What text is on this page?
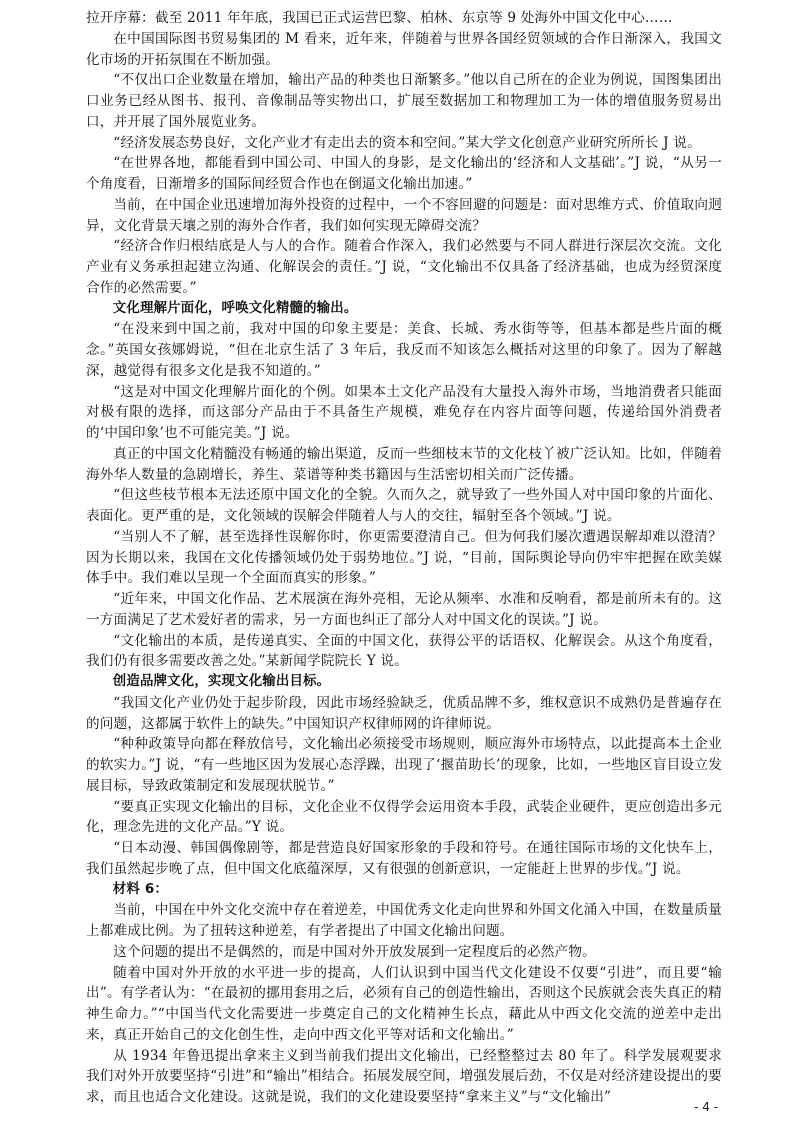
拉开序幕：截至 2011 年年底，我国已正式运营巴黎、柏林、东京等 9 处海外中国文化中心……

在中国国际图书贸易集团的 M 看来，近年来，伴随着与世界各国经贸领域的合作日渐深入，我国文化市场的开拓氛围在不断加强。

“不仅出口企业数量在增加，输出产品的种类也日渐繁多。”他以自己所在的企业为例说，国图集团出口业务已经从图书、报刊、音像制品等实物出口，扩展至数据加工和物理加工为一体的增值服务贸易出口，并开展了国外展览业务。

“经济发展态势良好，文化产业才有走出去的资本和空间。”某大学文化创意产业研究所所长 J 说。

“在世界各地，都能看到中国公司、中国人的身影，是文化输出的‘经济和人文基础’。”J 说，“从另一个角度看，日渐增多的国际间经贸合作也在倒逼文化输出加速。”

当前，在中国企业迅速增加海外投资的过程中，一个不容回避的问题是：面对思维方式、价值取向迥异，文化背景天壤之别的海外合作者，我们如何实现无障碍交流？

“经济合作归根结底是人与人的合作。随着合作深入，我们必然要与不同人群进行深层次交流。文化产业有义务承担起建立沟通、化解误会的责任。”J 说，“文化输出不仅具备了经济基础，也成为经贸深度合作的必然需要。”

文化理解片面化，呼唤文化精髓的输出。

“在没来到中国之前，我对中国的印象主要是：美食、长城、秀水街等等，但基本都是些片面的概念。”英国女孩娜姆说，“但在北京生活了 3 年后，我反而不知该怎么概括对这里的印象了。因为了解越深，越觉得有很多文化是我不知道的。”

“这是对中国文化理解片面化的个例。如果本土文化产品没有大量投入海外市场，当地消费者只能面对极有限的选择，而这部分产品由于不具备生产规模，难免存在内容片面等问题，传递给国外消费者的‘中国印象’也不可能完美。”J 说。

真正的中国文化精髓没有畅通的输出渠道，反而一些细枝末节的文化枝丫被广泛认知。比如，伴随着海外华人数量的急剧增长，养生、菜谱等种类书籍因与生活密切相关而广泛传播。

“但这些枝节根本无法还原中国文化的全貌。久而久之，就导致了一些外国人对中国印象的片面化、表面化。更严重的是，文化领域的误解会伴随着人与人的交往，辐射至各个领域。”J 说。

“当别人不了解，甚至选择性误解你时，你更需要澄清自己。但为何我们屡次遭遇误解却难以澄清？因为长期以来，我国在文化传播领域仍处于弱势地位。”J 说，“目前，国际舆论导向仍牢牢把握在欧美媒体手中。我们难以呈现一个全面而真实的形象。”

“近年来，中国文化作品、艺术展演在海外亮相，无论从频率、水准和反响看，都是前所未有的。这一方面满足了艺术爱好者的需求，另一方面也纠正了部分人对中国文化的误读。”J 说。

“文化输出的本质，是传递真实、全面的中国文化，获得公平的话语权、化解误会。从这个角度看，我们仍有很多需要改善之处。”某新闻学院院长 Y 说。

创造品牌文化，实现文化输出目标。

“我国文化产业仍处于起步阶段，因此市场经验缺乏，优质品牌不多，维权意识不成熟仍是普遍存在的问题，这都属于软件上的缺失。”中国知识产权律师网的许律师说。

“种种政策导向都在释放信号，文化输出必须接受市场规则，顺应海外市场特点，以此提高本土企业的软实力。”J 说，“有一些地区因为发展心态浮躁，出现了‘揠苗助长’的现象，比如，一些地区盲目设立发展目标，导致政策制定和发展现状脱节。”

“要真正实现文化输出的目标，文化企业不仅得学会运用资本手段，武装企业硬件，更应创造出多元化，理念先进的文化产品。”Y 说。

“日本动漫、韩国偶像剧等，都是营造良好国家形象的手段和符号。在通往国际市场的文化快车上，我们虽然起步晚了点，但中国文化底蕴深厚，又有很强的创新意识，一定能赶上世界的步伐。”J 说。

材料 6：

当前，中国在中外文化交流中存在着逆差，中国优秀文化走向世界和外国文化涌入中国，在数量质量上都难成比例。为了扭转这种逆差，有学者提出了中国文化输出问题。

这个问题的提出不是偶然的，而是中国对外开放发展到一定程度后的必然产物。

随着中国对外开放的水平进一步的提高，人们认识到中国当代文化建设不仅要“引进”，而且要“输出”。有学者认为：“在最初的挪用套用之后，必须有自己的创造性输出，否则这个民族就会丧失真正的精神生命力。”“中国当代文化需要进一步奠定自己的文化精神生长点，藉此从中西文化交流的逆差中走出来，真正开始自己的文化创生性，走向中西文化平等对话和文化输出。”

从 1934 年鲁迅提出拿来主义到当前我们提出文化输出，已经整整过去 80 年了。科学发展观要求我们对外开放要坚持“引进”和“输出”相结合。拓展发展空间，增强发展后劲，不仅是对经济建设提出的要求，而且也适合文化建设。这就是说，我们的文化建设要坚持“拿来主义”与“文化输出”

- 4 -
